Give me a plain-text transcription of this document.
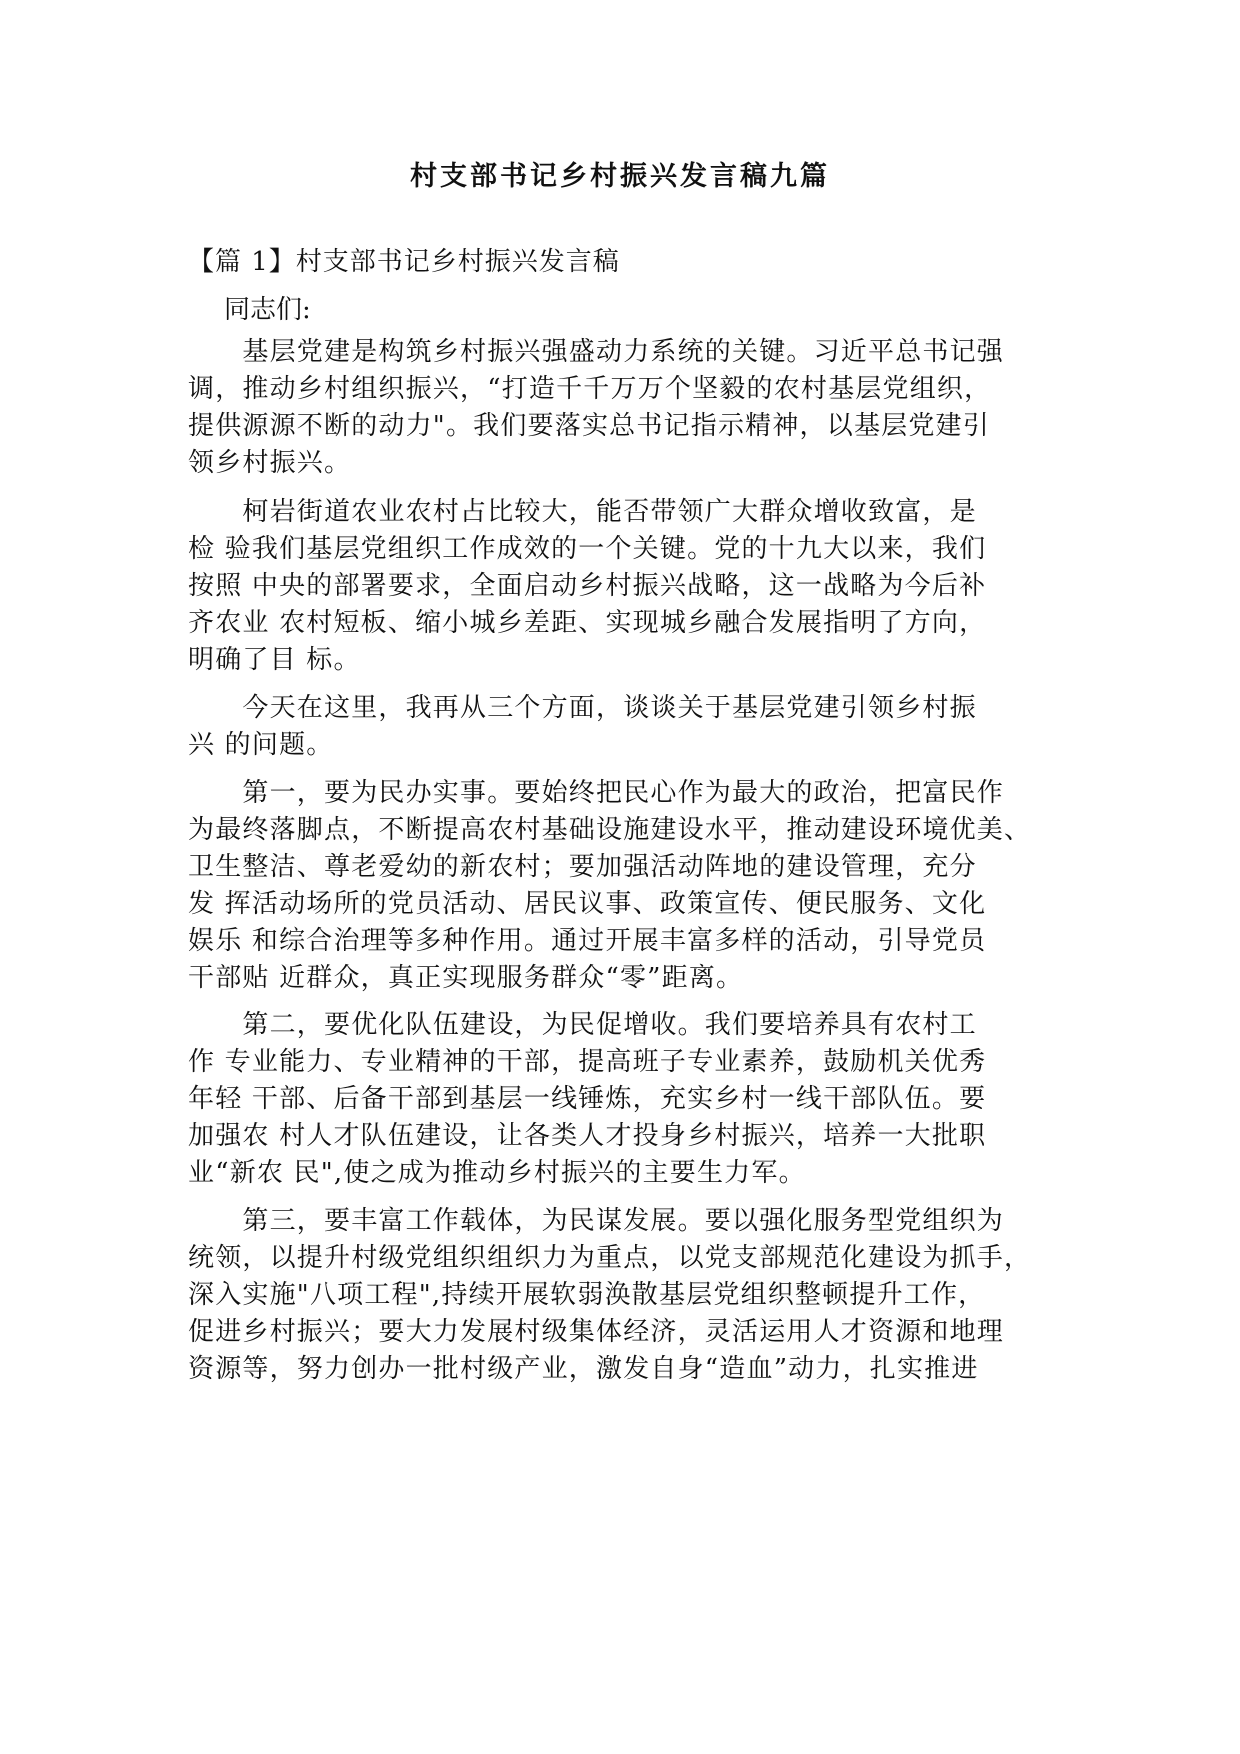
村支部书记乡村振兴发言稿九篇
【篇 1】村支部书记乡村振兴发言稿
同志们:
　　基层党建是构筑乡村振兴强盛动力系统的关键。习近平总书记强
调，推动乡村组织振兴，“打造千千万万个坚毅的农村基层党组织，
提供源源不断的动力"。我们要落实总书记指示精神，以基层党建引
领乡村振兴。
　　柯岩街道农业农村占比较大，能否带领广大群众增收致富，是
检 验我们基层党组织工作成效的一个关键。党的十九大以来，我们
按照 中央的部署要求，全面启动乡村振兴战略，这一战略为今后补
齐农业 农村短板、缩小城乡差距、实现城乡融合发展指明了方向，
明确了目 标。
　　今天在这里，我再从三个方面，谈谈关于基层党建引领乡村振
兴 的问题。
　　第一，要为民办实事。要始终把民心作为最大的政治，把富民作
为最终落脚点，不断提高农村基础设施建设水平，推动建设环境优美、
卫生整洁、尊老爱幼的新农村；要加强活动阵地的建设管理，充分
发 挥活动场所的党员活动、居民议事、政策宣传、便民服务、文化
娱乐 和综合治理等多种作用。通过开展丰富多样的活动，引导党员
干部贴 近群众，真正实现服务群众“零”距离。
　　第二，要优化队伍建设，为民促增收。我们要培养具有农村工
作 专业能力、专业精神的干部，提高班子专业素养，鼓励机关优秀
年轻 干部、后备干部到基层一线锤炼，充实乡村一线干部队伍。要
加强农 村人才队伍建设，让各类人才投身乡村振兴，培养一大批职
业“新农 民",使之成为推动乡村振兴的主要生力军。
　　第三，要丰富工作载体，为民谋发展。要以强化服务型党组织为
统领，以提升村级党组织组织力为重点，以党支部规范化建设为抓手，
深入实施"八项工程",持续开展软弱涣散基层党组织整顿提升工作，
促进乡村振兴；要大力发展村级集体经济，灵活运用人才资源和地理
资源等，努力创办一批村级产业，激发自身“造血”动力，扎实推进
